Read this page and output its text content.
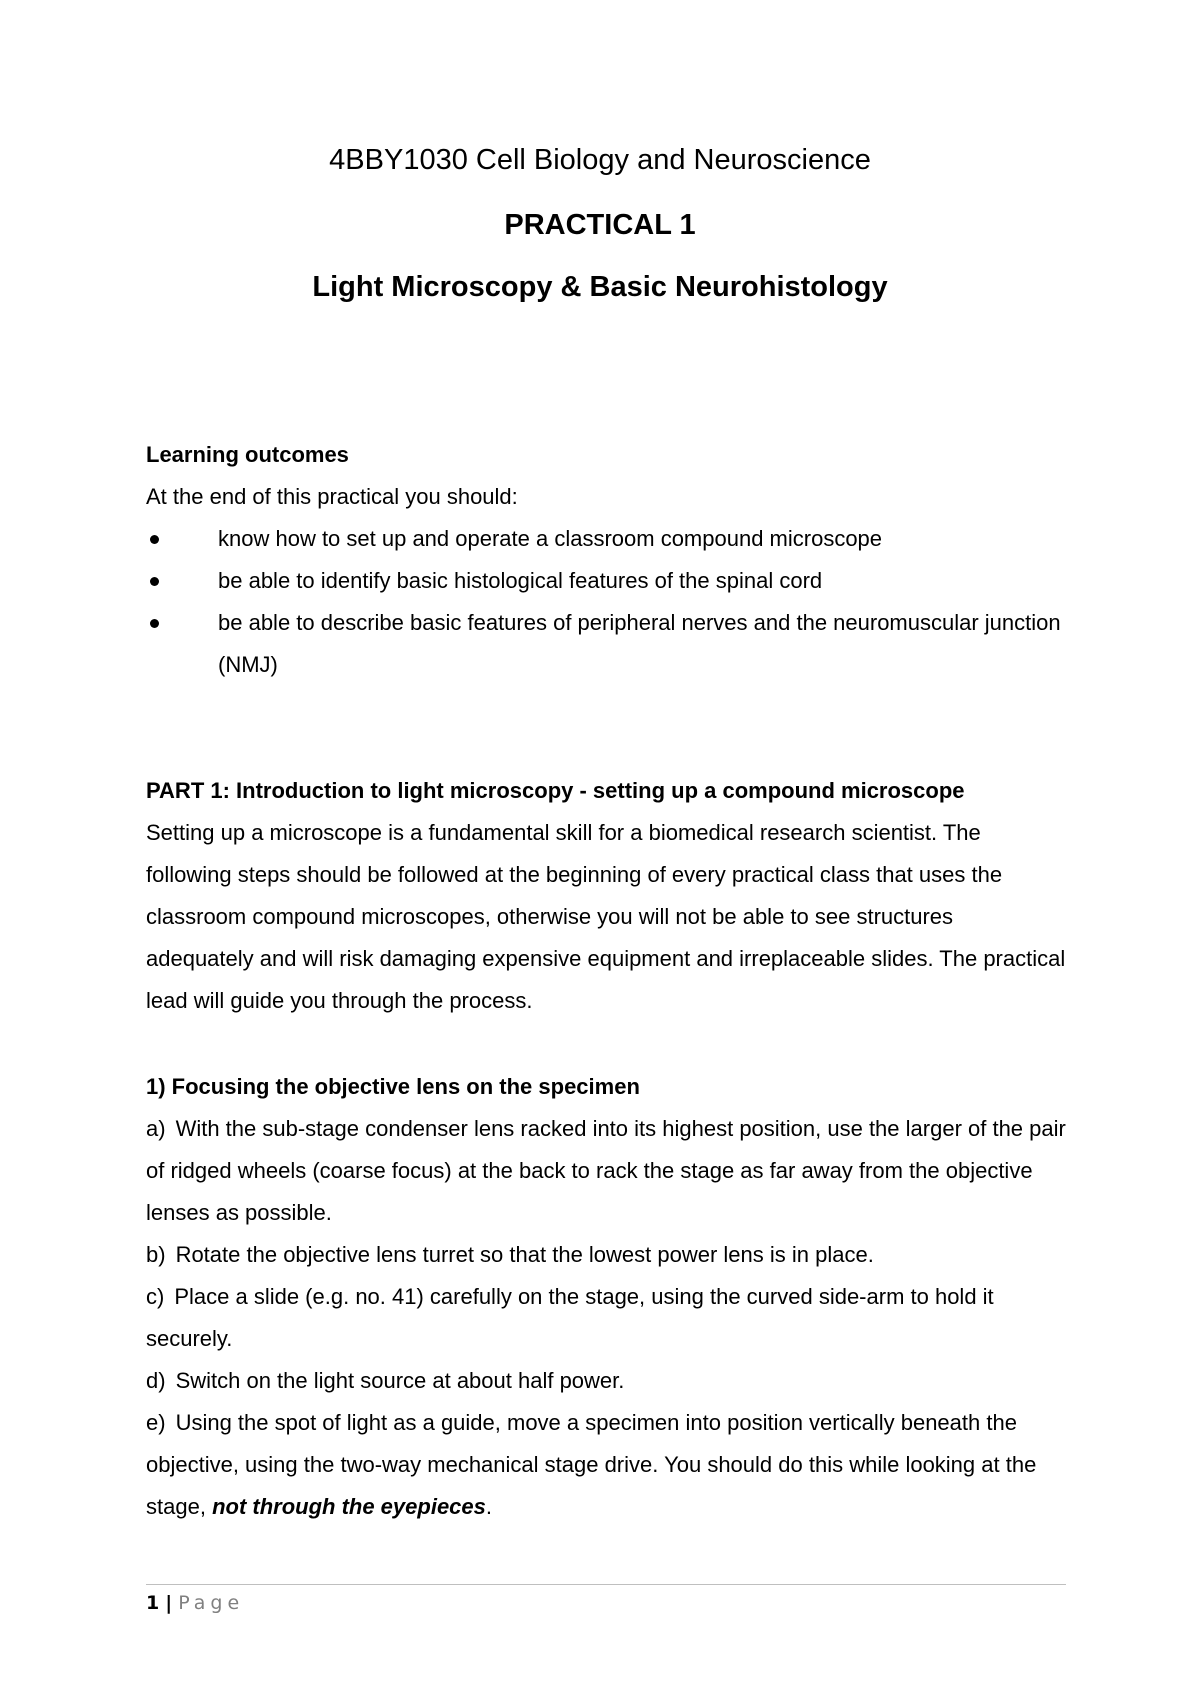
4BBY1030 Cell Biology and Neuroscience
PRACTICAL 1
Light Microscopy & Basic Neurohistology
Learning outcomes
At the end of this practical you should:
know how to set up and operate a classroom compound microscope
be able to identify basic histological features of the spinal cord
be able to describe basic features of peripheral nerves and the neuromuscular junction (NMJ)
PART 1: Introduction to light microscopy - setting up a compound microscope

Setting up a microscope is a fundamental skill for a biomedical research scientist. The following steps should be followed at the beginning of every practical class that uses the classroom compound microscopes, otherwise you will not be able to see structures adequately and will risk damaging expensive equipment and irreplaceable slides. The practical lead will guide you through the process.

1) Focusing the objective lens on the specimen

a) With the sub-stage condenser lens racked into its highest position, use the larger of the pair of ridged wheels (coarse focus) at the back to rack the stage as far away from the objective lenses as possible.

b) Rotate the objective lens turret so that the lowest power lens is in place.

c) Place a slide (e.g. no. 41) carefully on the stage, using the curved side-arm to hold it securely.

d) Switch on the light source at about half power.

e) Using the spot of light as a guide, move a specimen into position vertically beneath the objective, using the two-way mechanical stage drive. You should do this while looking at the stage, not through the eyepieces.

1 | Page
